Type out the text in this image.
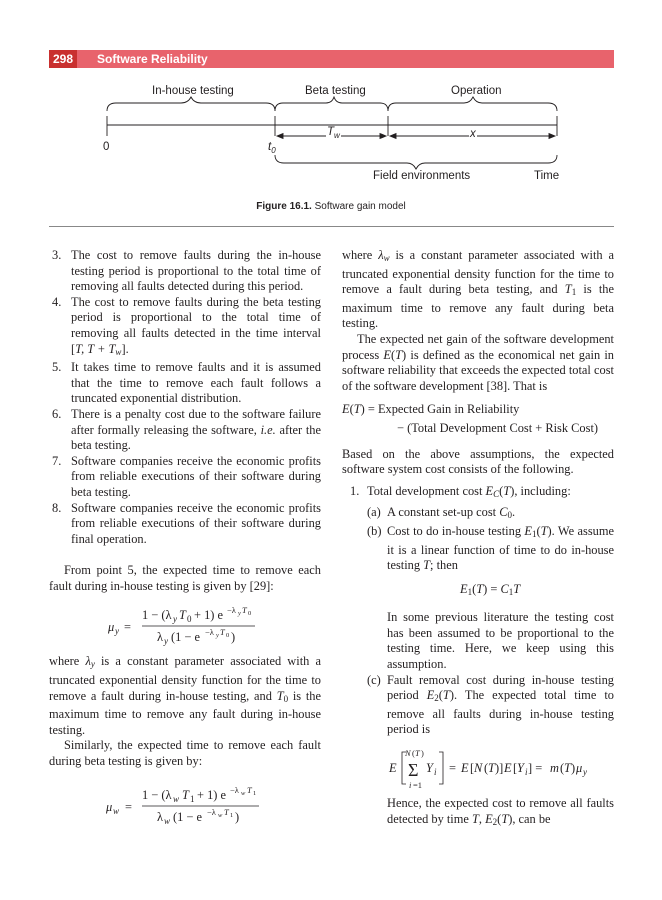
298	Software Reliability
In-house testing	Beta testing	Operation
0	$t_0$
$T_w$	x
Field environments	Time
Figure 16.1. Software gain model
3. The cost to remove faults during the in-house testing period is proportional to the total time of removing all faults detected during this period.
4. The cost to remove faults during the beta testing period is proportional to the total time of removing all faults detected in the time interval [T, $T + T_w$].
5. It takes time to remove faults and it is assumed that the time to remove each fault follows a truncated exponential distribution.
6. There is a penalty cost due to the software failure after formally releasing the software, i.e. after the beta testing.
7. Software companies receive the economic profits from reliable executions of their software during beta testing.
8. Software companies receive the economic profits from reliable executions of their software during final operation.
From point 5, the expected time to remove each fault during in-house testing is given by [29]:
μ y =
1 − (λ y T 0 + 1) e −λ y T 0
λ y (1 − e −λ y T 0 )
where $\lambda_y$ is a constant parameter associated with a truncated exponential density function for the time to remove a fault during in-house testing, and $T_0$ is the maximum time to remove any fault during in-house testing.
Similarly, the expected time to remove each fault during beta testing is given by:
μ w =
1 − (λ w T 1 + 1) e −λ w T 1
λ w (1 − e −λ w T 1 )
where $\lambda_w$ is a constant parameter associated with a truncated exponential density function for the time to remove a fault during beta testing, and $T_1$ is the maximum time to remove any fault during beta testing.
The expected net gain of the software development process E(T) is defined as the economical net gain in software reliability that exceeds the expected total cost of the software development [38]. That is
E(T) = Expected Gain in Reliability
− (Total Development Cost + Risk Cost)
Based on the above assumptions, the expected software system cost consists of the following.
1. Total development cost $E_C(T)$, including:
(a) A constant set-up cost $C_0$.
(b) Cost to do in-house testing $E_1(T)$. We assume it is a linear function of time to do in-house testing T; then
$E_1(T) = C_1T$
In some previous literature the testing cost has been assumed to be proportional to the testing time. Here, we keep using this assumption.
(c) Fault removal cost during in-house testing period $E_2(T)$. The expected total time to remove all faults during in-house testing period is
E
N ( T )
Σ
i =1
Y i = E [ N ( T )] E [ Y i ] = m ( T ) μ y
Hence, the expected cost to remove all faults detected by time T, $E_2(T)$, can be
